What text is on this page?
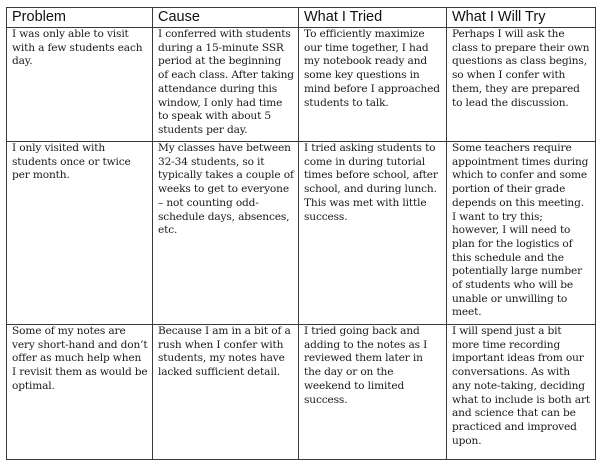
Problem	Cause	What I Tried	What I Will Try
I was only able to visit with a few students each day.	I conferred with students during a 15-minute SSR period at the beginning of each class. After taking attendance during this window, I only had time to speak with about 5 students per day.	To efficiently maximize our time together, I had my notebook ready and some key questions in mind before I approached students to talk.	Perhaps I will ask the class to prepare their own questions as class begins, so when I confer with them, they are prepared to lead the discussion.
I only visited with students once or twice per month.	My classes have between 32-34 students, so it typically takes a couple of weeks to get to everyone – not counting odd-schedule days, absences, etc.	I tried asking students to come in during tutorial times before school, after school, and during lunch. This was met with little success.	Some teachers require appointment times during which to confer and some portion of their grade depends on this meeting. I want to try this; however, I will need to plan for the logistics of this schedule and the potentially large number of students who will be unable or unwilling to meet.
Some of my notes are very short-hand and don’t offer as much help when I revisit them as would be optimal.	Because I am in a bit of a rush when I confer with students, my notes have lacked sufficient detail.	I tried going back and adding to the notes as I reviewed them later in the day or on the weekend to limited success.	I will spend just a bit more time recording important ideas from our conversations. As with any note-taking, deciding what to include is both art and science that can be practiced and improved upon.
